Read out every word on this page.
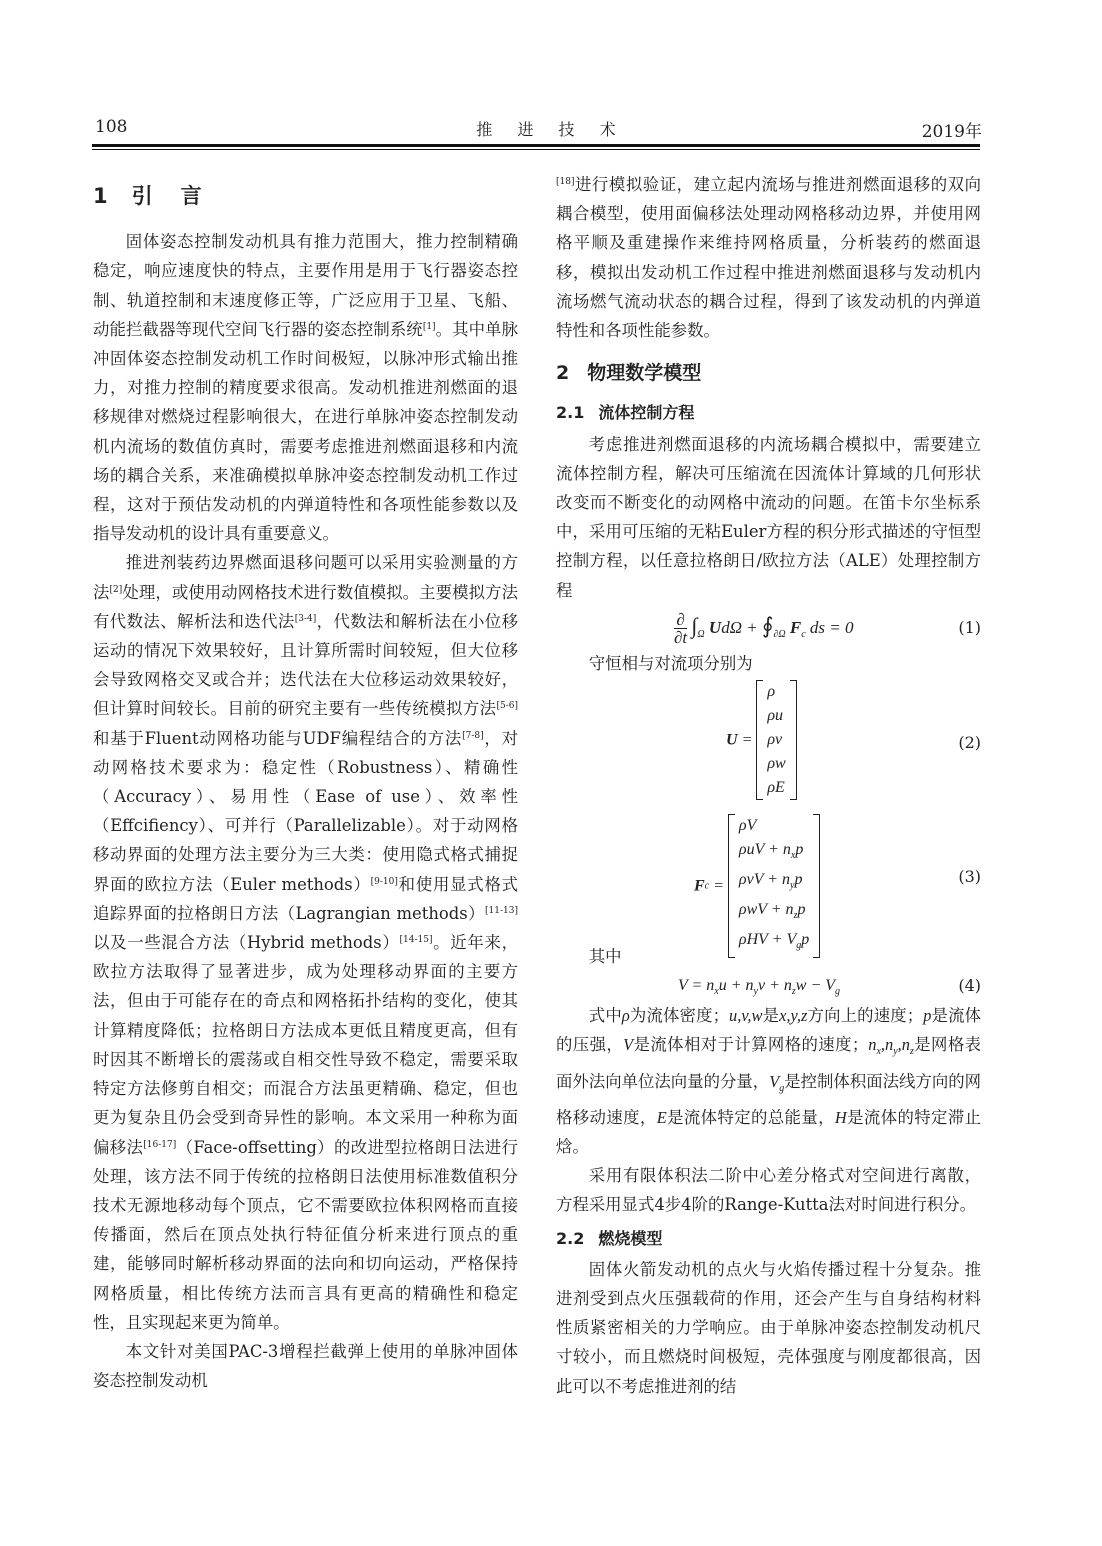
108	推 进 技 术	2019年
1 引 言

固体姿态控制发动机具有推力范围大，推力控制精确稳定，响应速度快的特点，主要作用是用于飞行器姿态控制、轨道控制和末速度修正等，广泛应用于卫星、飞船、动能拦截器等现代空间飞行器的姿态控制系统[1]。其中单脉冲固体姿态控制发动机工作时间极短，以脉冲形式输出推力，对推力控制的精度要求很高。发动机推进剂燃面的退移规律对燃烧过程影响很大，在进行单脉冲姿态控制发动机内流场的数值仿真时，需要考虑推进剂燃面退移和内流场的耦合关系，来准确模拟单脉冲姿态控制发动机工作过程，这对于预估发动机的内弹道特性和各项性能参数以及指导发动机的设计具有重要意义。

推进剂装药边界燃面退移问题可以采用实验测量的方法[2]处理，或使用动网格技术进行数值模拟。主要模拟方法有代数法、解析法和迭代法[3-4]，代数法和解析法在小位移运动的情况下效果较好，且计算所需时间较短，但大位移会导致网格交叉或合并；迭代法在大位移运动效果较好，但计算时间较长。目前的研究主要有一些传统模拟方法[5-6]和基于Fluent动网格功能与UDF编程结合的方法[7-8]，对动网格技术要求为：稳定性（Robustness）、精确性（Accuracy）、易用性（Ease of use）、效率性（Effcifiency）、可并行（Parallelizable）。对于动网格移动界面的处理方法主要分为三大类：使用隐式格式捕捉界面的欧拉方法（Euler methods）[9-10]和使用显式格式追踪界面的拉格朗日方法（Lagrangian methods）[11-13]以及一些混合方法（Hybrid methods）[14-15]。近年来，欧拉方法取得了显著进步，成为处理移动界面的主要方法，但由于可能存在的奇点和网格拓扑结构的变化，使其计算精度降低；拉格朗日方法成本更低且精度更高，但有时因其不断增长的震荡或自相交性导致不稳定，需要采取特定方法修剪自相交；而混合方法虽更精确、稳定，但也更为复杂且仍会受到奇异性的影响。本文采用一种称为面偏移法[16-17]（Face-offsetting）的改进型拉格朗日法进行处理，该方法不同于传统的拉格朗日法使用标准数值积分技术无源地移动每个顶点，它不需要欧拉体积网格而直接传播面，然后在顶点处执行特征值分析来进行顶点的重建，能够同时解析移动界面的法向和切向运动，严格保持网格质量，相比传统方法而言具有更高的精确性和稳定性，且实现起来更为简单。

本文针对美国PAC-3增程拦截弹上使用的单脉冲固体姿态控制发动机

[18]进行模拟验证，建立起内流场与推进剂燃面退移的双向耦合模型，使用面偏移法处理动网格移动边界，并使用网格平顺及重建操作来维持网格质量，分析装药的燃面退移，模拟出发动机工作过程中推进剂燃面退移与发动机内流场燃气流动状态的耦合过程，得到了该发动机的内弹道特性和各项性能参数。

2 物理数学模型
2.1 流体控制方程

考虑推进剂燃面退移的内流场耦合模拟中，需要建立流体控制方程，解决可压缩流在因流体计算域的几何形状改变而不断变化的动网格中流动的问题。在笛卡尔坐标系中，采用可压缩的无粘Euler方程的积分形式描述的守恒型控制方程，以任意拉格朗日/欧拉方法（ALE）处理控制方程

∂
∂t
$\int_\Omega$ $Ud\Omega + ∮_{\partial\Omega}$ $F_c$ ds = 0	(1)

守恒相与对流项分别为

U =
ρ
ρu
ρv
ρw
ρE
(2)
Fc =
ρV
$\rho uV + n_xp$
$\rho vV + n_yp$
$\rho wV + n_zp$
$\rho HV + V_gp$
(3)

其中

$V = n_xu + n_yv + n_zw - V_g$	(4)

式中ρ为流体密度；u,v,w是x,y,z方向上的速度；p是流体的压强，V是流体相对于计算网格的速度；$n_x,n_y,n_z$是网格表面外法向单位法向量的分量，$V_g$是控制体积面法线方向的网格移动速度，E是流体特定的总能量，H是流体的特定滞止焓。

采用有限体积法二阶中心差分格式对空间进行离散，方程采用显式4步4阶的Range-Kutta法对时间进行积分。

2.2 燃烧模型

固体火箭发动机的点火与火焰传播过程十分复杂。推进剂受到点火压强载荷的作用，还会产生与自身结构材料性质紧密相关的力学响应。由于单脉冲姿态控制发动机尺寸较小，而且燃烧时间极短，壳体强度与刚度都很高，因此可以不考虑推进剂的结
